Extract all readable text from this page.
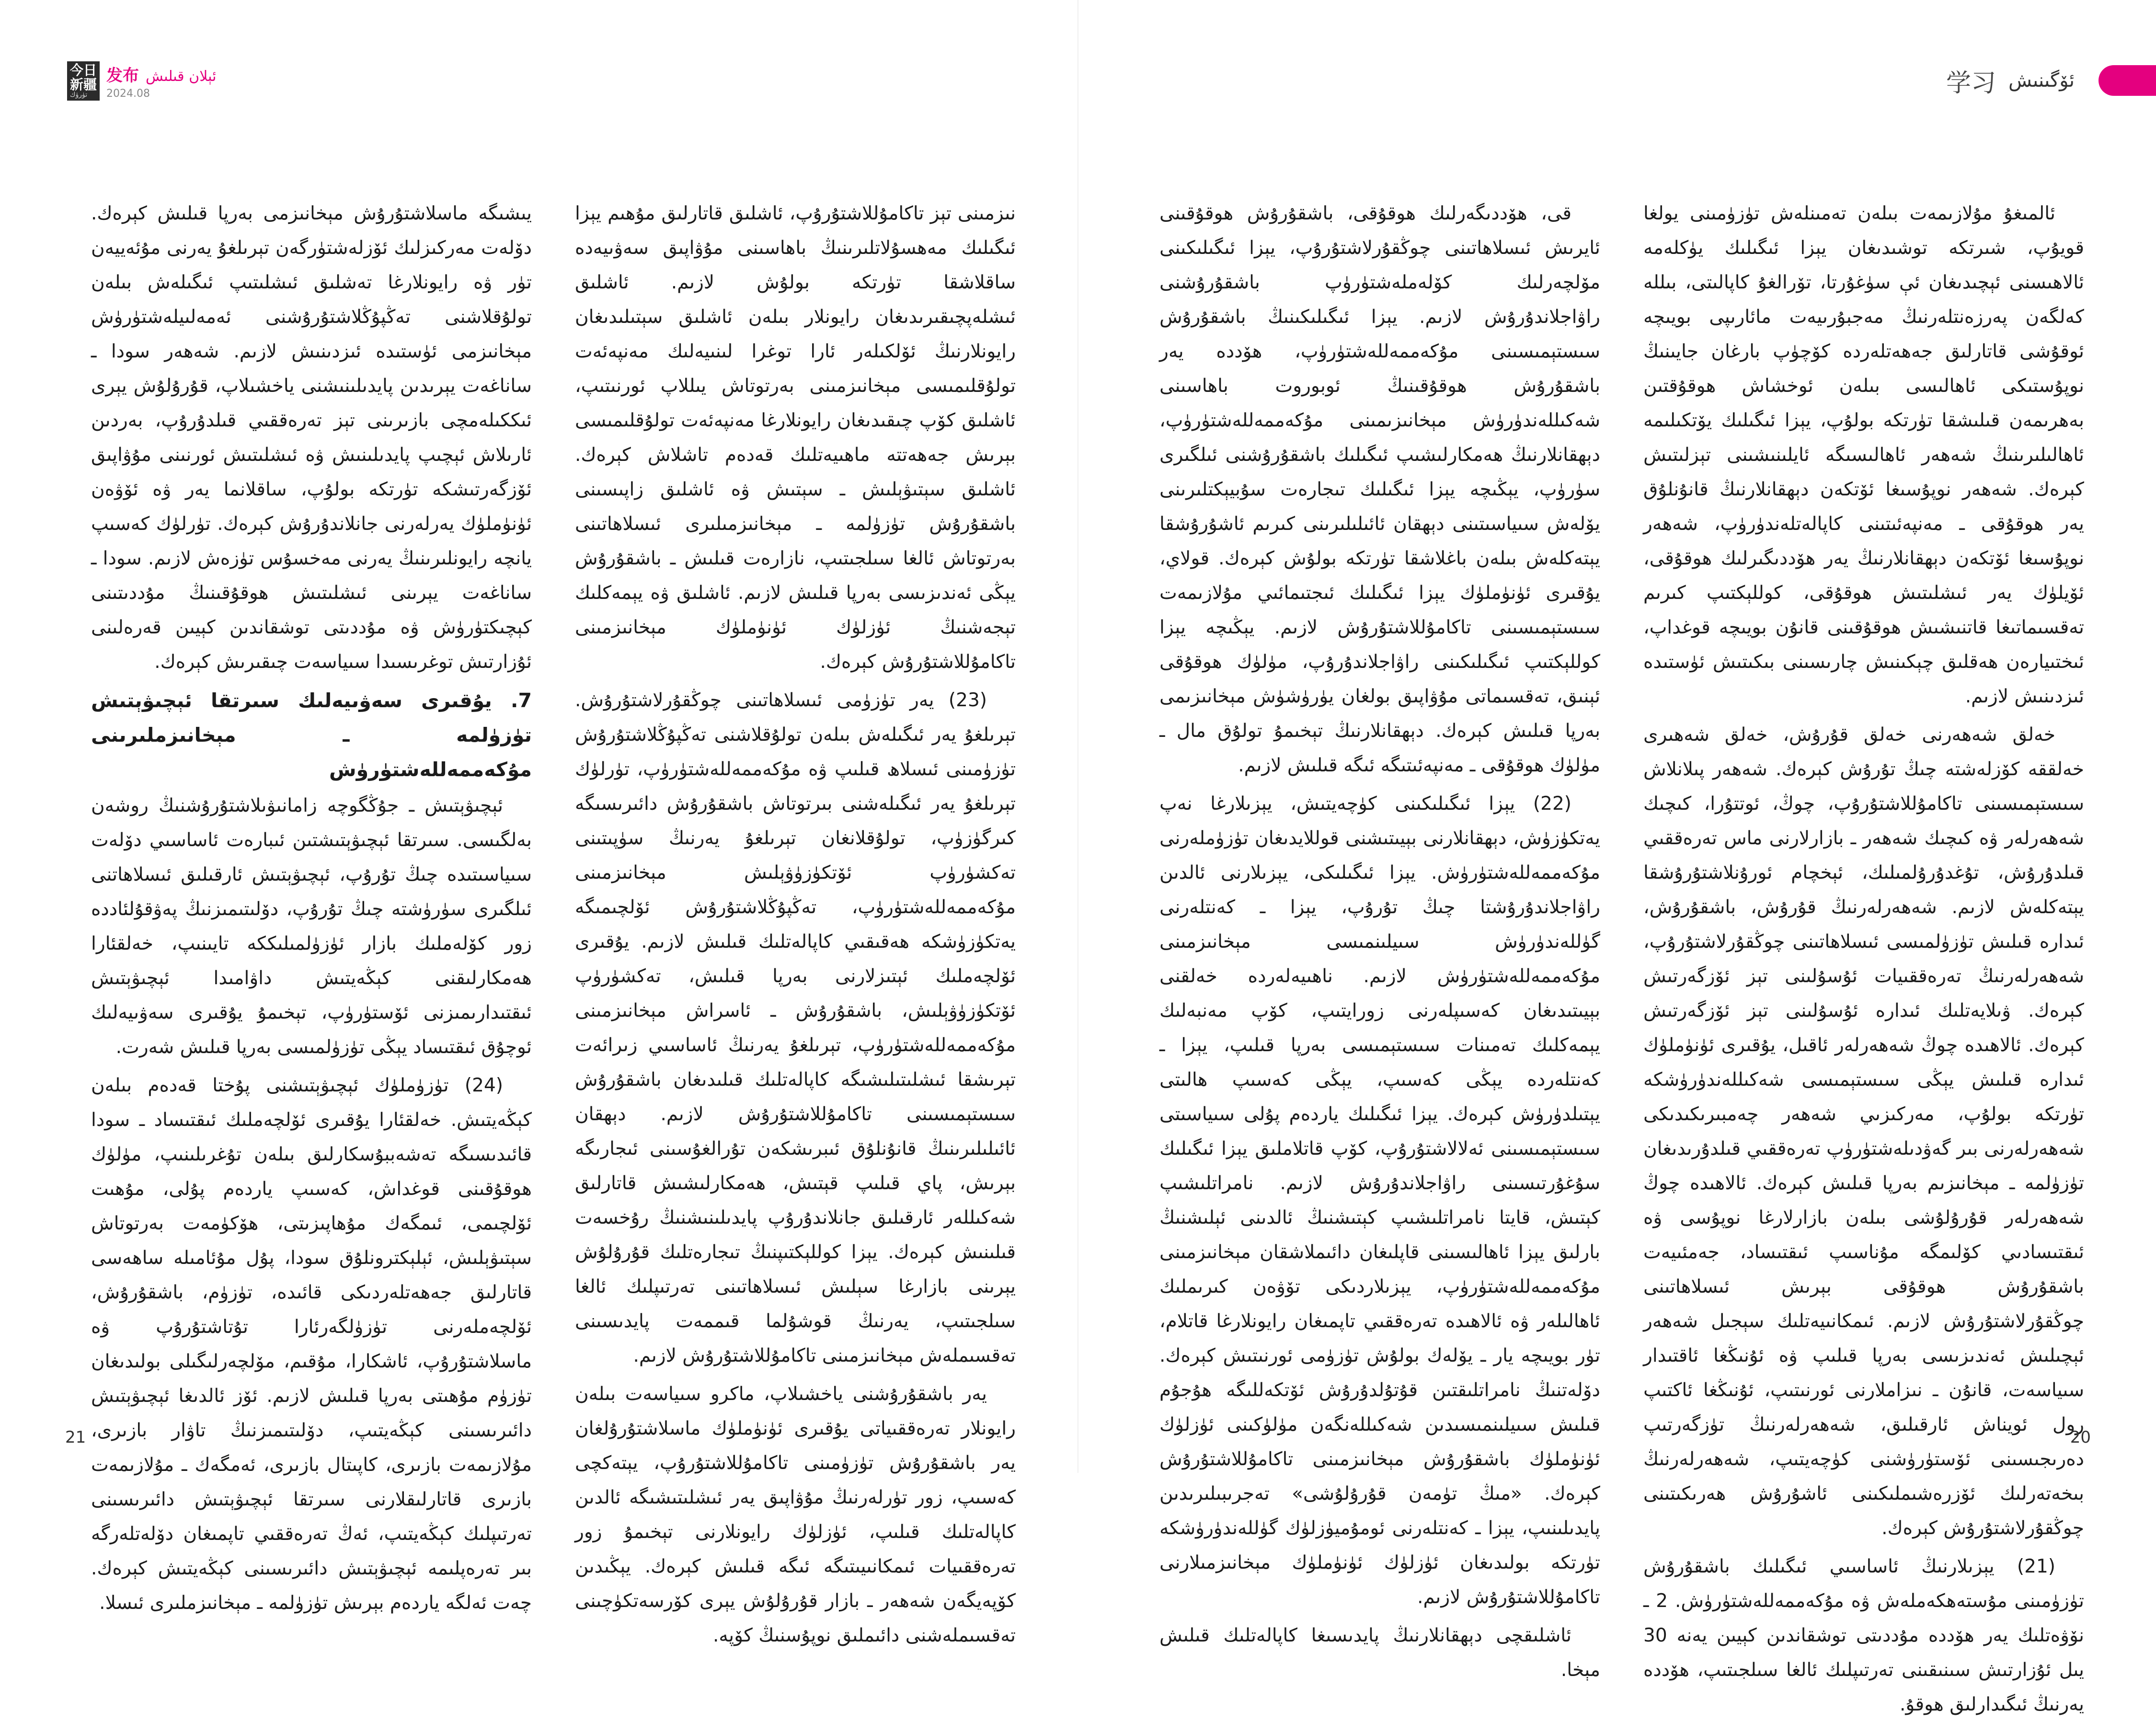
今日
新疆
تۈرۈك
发布 ئېلان قىلىش
2024.08	学习 ئۆگىنىش

يىشىگە ماسلاشتۇرۇش مېخانىزمى بەرپا قىلىش كېرەك. دۆلەت مەركىزلىك ئۆزلەشتۈرگەن تېرىلغۇ يەرنى مۇئەييەن تۈر ۋە رايونلارغا تەشلىق ئىشلىتىپ ئىگىلەش بىلەن تولۇقلاشنى تەڭپۇڭلاشتۇرۇشنى ئەمەلىيلەشتۈرۈش مېخانىزمى ئۈستىدە ئىزدىنىش لازىم. شەھەر سودا ـ ساناغەت يېرىدىن پايدىلىنىشنى ياخشىلاپ، قۇرۇلۇش يېرى ئىككىلەمچى بازىرىنى تېز تەرەققىي قىلدۇرۇپ، بەردىن ئارىلاش ئېچىپ پايدىلىنىش ۋە ئىشلىتىش ئورنىنى مۇۋاپىق ئۆزگەرتىشكە تۈرتكە بولۇپ، ساقلانما يەر ۋە ئۆۋەن ئۈنۈملۈك يەرلەرنى جانلاندۇرۇش كېرەك. تۈرلۈك كەسىپ يانچە رايونلىرىنىڭ يەرنى مەخسۇس تۈزەش لازىم. سودا ـ ساناغەت يېرىنى ئىشلىتىش ھوقۇقىنىڭ مۇددىتىنى كېچىكتۈرۈش ۋە مۇددىتى توشقاندىن كېيىن قەرەلىنى ئۇزارتىش توغرىسىدا سىياسەت چىقىرىش كېرەك.

7. يۇقىرى سەۋىيەلىك سىرتقا ئېچىۋېتىش تۈزۈلمە ـ مېخانىزملىرىنى مۇكەممەللەشتۈرۈش

ئېچىۋېتىش ـ جۇڭگوچە زامانىۋىلاشتۇرۇشنىڭ روشەن بەلگىسى. سىرتقا ئېچىۋېتىشتىن ئىبارەت ئاساسىي دۆلەت سىياسىتىدە چىڭ تۇرۇپ، ئېچىۋېتىش ئارقىلىق ئىسلاھاتنى ئىلگىرى سۈرۈشتە چىڭ تۇرۇپ، دۆلىتىمىزنىڭ پەۋقۇلئاددە زور كۆلەملىك بازار ئۈزۈلمىلىككە تايىنىپ، خەلقئارا ھەمكارلىقنى كېڭەيتىش داۋامىدا ئېچىۋېتىش ئىقتىدارىمىزنى ئۆستۈرۈپ، تېخىمۇ يۇقىرى سەۋىيەلىك ئوچۇق ئىقتىساد يېڭى تۈزۈلمىسى بەرپا قىلىش شەرت.

(24) تۈزۈملۈك ئېچىۋېتىشنى پۇختا قەدەم بىلەن كېڭەيتىش. خەلقئارا يۇقىرى ئۆلچەملىك ئىقتىساد ـ سودا قائىدىسىگە تەشەببۇسكارلىق بىلەن تۇغرىلىنىپ، مۈلۈك ھوقۇقىنى قوغداش، كەسىپ ياردەم پۇلى، مۇھىت ئۆلچىمى، ئىمگەك مۇھاپىزىتى، ھۆكۈمەت بەرتوتاش سېتىۋېلىش، ئېلېكترونلۇق سودا، پۇل مۇئامىلە ساھەسى قاتارلىق جەھەتلەردىكى قائىدە، تۈزۈم، باشقۇرۇش، ئۆلچەملەرنى تۈزۈلگەرئارا تۇتاشتۇرۇپ ۋە ماسلاشتۇرۇپ، ئاشكارا، مۇقىم، مۆلچەرلىگىلى بولىدىغان تۈزۈم مۇھىتى بەرپا قىلىش لازىم. ئۆز ئالدىغا ئېچىۋېتىش دائىرىسىنى كېڭەيتىپ، دۆلىتىمىزنىڭ تاۋار بازىرى، مۇلازىمەت بازىرى، كاپىتال بازىرى، ئەمگەك ـ مۇلازىمەت بازىرى قاتارلىقلارنى سىرتقا ئېچىۋېتىش دائىرىسىنى تەرتىپلىك كېڭەيتىپ، ئەڭ تەرەققىي تاپمىغان دۆلەتلەرگە بىر تەرەپلىمە ئېچىۋېتىش دائىرىسىنى كېڭەيتىش كېرەك. چەت ئەلگە ياردەم بېرىش تۈزۈلمە ـ مېخانىزملىرى ئىسلا.

نىزمىنى تېز تاكامۇللاشتۇرۇپ، ئاشلىق قاتارلىق مۇھىم يېزا ئىگىلىك مەھسۇلاتلىرىنىڭ باھاسىنى مۇۋاپىق سەۋىيەدە ساقلاشقا تۈرتكە بولۇش لازىم. ئاشلىق ئىشلەپچىقىرىدىغان رايونلار بىلەن ئاشلىق سېتىلىدىغان رايونلارنىڭ ئۆلكىلەر ئارا توغرا لىنىيەلىك مەنپەئەت تولۇقلىمىسى مېخانىزمىنى بەرتوتاش يىللاپ ئورنىتىپ، ئاشلىق كۆپ چىقىدىغان رايونلارغا مەنپەئەت تولۇقلىمىسى بېرىش جەھەتتە ماھىيەتلىك قەدەم تاشلاش كېرەك. ئاشلىق سېتىۋېلىش ـ سېتىش ۋە ئاشلىق زاپىسىنى باشقۇرۇش تۈزۈلمە ـ مېخانىزمىلىرى ئىسلاھاتىنى بەرتوتاش ئالغا سىلجىتىپ، نازارەت قىلىش ـ باشقۇرۇش يېڭى ئەندىزىسى بەرپا قىلىش لازىم. ئاشلىق ۋە يېمەكلىك تېجەشنىڭ ئۈزلۈك ئۈنۈملۈك مېخانىزمىنى تاكامۇللاشتۇرۇش كېرەك.

(23) يەر تۈزۈمى ئىسلاھاتىنى چوڭقۇرلاشتۇرۇش. تېرىلغۇ يەر ئىگىلەش بىلەن تولۇقلاشنى تەڭپۇڭلاشتۇرۇش تۈزۈمىنى ئىسلاھ قىلىپ ۋە مۇكەممەللەشتۈرۈپ، تۈرلۈك تېرىلغۇ يەر ئىگىلەشنى بىرتوتاش باشقۇرۇش دائىرىسىگە كىرگۈزۈپ، تولۇقلانغان تېرىلغۇ يەرنىڭ سۈپىتىنى تەكشۈرۈپ ئۆتكۈزۈۋېلىش مېخانىزمىنى مۇكەممەللەشتۈرۈپ، تەڭپۇڭلاشتۇرۇش ئۆلچىمىگە يەتكۈزۈشكە ھەقىقىي كاپالەتلىك قىلىش لازىم. يۇقىرى ئۆلچەملىك ئېتىزلارنى بەرپا قىلىش، تەكشۈرۈپ ئۆتكۈزۈۋېلىش، باشقۇرۇش ـ ئاسراش مېخانىزمىنى مۇكەممەللەشتۈرۈپ، تېرىلغۇ يەرنىڭ ئاساسىي زىرائەت تېرىشقا ئىشلىتىلىشىگە كاپالەتلىك قىلىدىغان باشقۇرۇش سىستېمىسىنى تاكامۇللاشتۇرۇش لازىم. دېھقان ئائىلىلىرىنىڭ قانۇنلۇق ئىبرىشكەن تۇرالغۇسىنى ئىجارىگە بېرىش، پاي قىلىپ قېتىش، ھەمكارلىشىش قاتارلىق شەكىللەر ئارقىلىق جانلاندۇرۇپ پايدىلىنىشنىڭ رۇخسەت قىلىنىش كېرەك. يېزا كوللېكتىپنىڭ تىجارەتلىك قۇرۇلۇش يېرىنى بازارغا سېلىش ئىسلاھاتىنى تەرتىپلىك ئالغا سىلجىتىپ، يەرنىڭ قوشۇلما قىممەت پايدىسىنى تەقسىملەش مېخانىزمىنى تاكامۇللاشتۇرۇش لازىم.

يەر باشقۇرۇشنى ياخشىلاپ، ماكرو سىياسەت بىلەن رايونلار تەرەققىياتى يۇقىرى ئۈنۈملۈك ماسلاشتۇرۇلغان يەر باشقۇرۇش تۈزۈمىنى تاكامۇللاشتۇرۇپ، يېتەكچى كەسىپ، زور تۈرلەرنىڭ مۇۋاپىق يەر ئىشلىتىشىگە ئالدىن كاپالەتلىك قىلىپ، ئۈزلۈك رايونلارنى تېخىمۇ زور تەرەققىيات ئىمكانىيىتىگە ئىگە قىلىش كېرەك. يېڭىدىن كۆپەيگەن شەھەر ـ بازار قۇرۇلۇش يېرى كۆرسەتكۈچىنى تەقسىملەشنى دائىملىق نوپۇسنىڭ كۆپە.

قى، ھۆددىگەرلىك ھوقۇقى، باشقۇرۇش ھوقۇقىنى ئايرىش ئىسلاھاتىنى چوڭقۇرلاشتۇرۇپ، يېزا ئىگىلىكىنى مۆلچەرلىك كۆلەملەشتۈرۈپ باشقۇرۇشنى راۋاجلاندۇرۇش لازىم. يېزا ئىگىلىكىنىڭ باشقۇرۇش سىستېمىسىنى مۇكەممەللەشتۈرۈپ، ھۆددە يەر باشقۇرۇش ھوقۇقىنىڭ ئوبوروت باھاسىنى شەكىللەندۈرۈش مېخانىزىمىنى مۇكەممەللەشتۈرۈپ، دېھقانلارنىڭ ھەمكارلىشىپ ئىگىلىك باشقۇرۇشنى ئىلگىرى سۈرۈپ، يېڭىچە يېزا ئىگىلىك تىجارەت سۇبيېكتلىرىنى يۆلەش سىياسىتىنى دېھقان ئائىلىلىرىنى كىرىم ئاشۇرۇشقا يېتەكلەش بىلەن باغلاشقا تۈرتكە بولۇش كېرەك. قولاي، يۇقىرى ئۈنۈملۈك يېزا ئىگىلىك ئىجتىمائىي مۇلازىمەت سىستېمىسىنى تاكامۇللاشتۇرۇش لازىم. يېڭىچە يېزا كوللېكتىپ ئىگىلىكىنى راۋاجلاندۇرۇپ، مۈلۈك ھوقۇقى ئېنىق، تەقسىماتى مۇۋاپىق بولغان يۈرۈشۈش مېخانىزىمى بەرپا قىلىش كېرەك. دېھقانلارنىڭ تېخىمۇ تولۇق مال ـ مۈلۈك ھوقۇقى ـ مەنپەئىتىگە ئىگە قىلىش لازىم.

(22) يېزا ئىگىلىكىنى كۈچەيتىش، يېزىلارغا نەپ يەتكۈزۈش، دېھقانلارنى بېيىتىشنى قوللايدىغان تۈزۈملەرنى مۇكەممەللەشتۈرۈش. يېزا ئىگىلىكى، يېزىلارنى ئالدىن راۋاجلاندۇرۇشتا چىڭ تۇرۇپ، يېزا ـ كەنتلەرنى گۈللەندۈرۈش سىيلىنمىسى مېخانىزمىنى مۇكەممەللەشتۈرۈش لازىم. ناھىيەلەردە خەلقنى بېيىتىدىغان كەسىپلەرنى زورايتىپ، كۆپ مەنبەلىك يېمەكلىك تەمىنات سىستېمىسى بەرپا قىلىپ، يېزا ـ كەنتلەردە يېڭى كەسىپ، يېڭى كەسىپ ھالىتى يېتىلدۈرۈش كېرەك. يېزا ئىگىلىك ياردەم پۇلى سىياسىتى سىستېمىسىنى ئەلالاشتۇرۇپ، كۆپ قاتلاملىق يېزا ئىگىلىك سۇغۇرتىسىنى راۋاجلاندۇرۇش لازىم. نامراتلىشىپ كېتىش، قايتا نامراتلىشىپ كېتىشنىڭ ئالدىنى ئېلىشنىڭ بارلىق يېزا ئاھالىسىنى قاپلىغان دائىملاشقان مېخانىزمىنى مۇكەممەللەشتۈرۈپ، يېزىلاردىكى تۆۋەن كىرىملىك ئاھالىلەر ۋە ئالاھىدە تەرەققىي تاپمىغان رايونلارغا قاتلام، تۈر بويىچە يار ـ يۆلەك بولۇش تۈزۈمى ئورنىتىش كېرەك. دۆلەتنىڭ نامراتلىقتىن قۇتۇلدۇرۇش ئۆتكەللىگە ھۇجۇم قىلىش سىيلىنمىسىدىن شەكىللەنگەن مۈلۈكىنى ئۈزلۈك ئۈنۈملۈك باشقۇرۇش مېخانىزمىنى تاكامۇللاشتۇرۇش كېرەك. «مىڭ تۈمەن قۇرۇلۇشى» تەجرىبىلىرىدىن پايدىلىنىپ، يېزا ـ كەنتلەرنى ئومۇميۈزلۈك گۈللەندۈرۈشكە تۈرتكە بولىدىغان ئۈزلۈك ئۈنۈملۈك مېخانىزمىلارنى تاكامۇللاشتۇرۇش لازىم.

ئاشلىقچى دېھقانلارنىڭ پايدىسىغا كاپالەتلىك قىلىش مېخا.

ئالمىغۇ مۇلازىمەت بىلەن تەمىنلەش تۈزۈمىنى يولغا قويۇپ، شىرتكە توشىدىغان يېزا ئىگىلىك يۈكلەمە ئالاھىسنى ئېچىدىغان ئې سۈغۇرتا، تۆرالغۇ كاپالىتى، بىللە كەلگەن پەرزەنتلەرنىڭ مەجبۇرىيەت مائارىپى بويىچە ئوقۇشى قاتارلىق جەھەتلەردە كۆچۈپ بارغان جايىنىڭ نوپۇستىكى ئاھالىسى بىلەن ئوخشاش ھوقۇقتىن بەھرىمەن قىلىشقا تۈرتكە بولۇپ، يېزا ئىگىلىك يۆتكىلىمە ئاھالىلىرىنىڭ شەھەر ئاھالىسىگە ئايلىنىشىنى تېزلىتىش كېرەك. شەھەر نوپۇسىغا ئۆتكەن دېھقانلارنىڭ قانۇنلۇق يەر ھوقۇقى ـ مەنپەئىتىنى كاپالەتلەندۈرۈپ، شەھەر نوپۇسىغا ئۆتكەن دېھقانلارنىڭ يەر ھۆددىگىرلىك ھوقۇقى، ئۆيلۈك يەر ئىشلىتىش ھوقۇقى، كوللېكتىپ كىرىم تەقسىماتىغا قاتنىشىش ھوقۇقىنى قانۇن بويىچە قوغداپ، ئىختىيارەن ھەقلىق چېكىنىش چارىسىنى بىكىتىش ئۈستىدە ئىزدىنىش لازىم.

خەلق شەھەرنى خەلق قۇرۇش، خەلق شەھىرى خەلققە كۆزلەشتە چىڭ تۇرۇش كېرەك. شەھەر پىلانلاش سىستېمىسىنى تاكامۇللاشتۇرۇپ، چوڭ، ئوتتۇرا، كىچىك شەھەرلەر ۋە كىچىك شەھەر ـ بازارلارنى ماس تەرەققىي قىلدۇرۇش، تۇغدۇرۇلمىلىك، ئېخچام ئورۇنلاشتۇرۇشقا يېتەكلەش لازىم. شەھەرلەرنىڭ قۇرۇش، باشقۇرۇش، ئىدارە قىلىش تۈزۈلمىسى ئىسلاھاتىنى چوڭقۇرلاشتۇرۇپ، شەھەرلەرنىڭ تەرەققىيات ئۇسۇلىنى تېز ئۆزگەرتىش كېرەك. ۋىلايەتلىك ئىدارە ئۇسۇلىنى تېز ئۆزگەرتىش كېرەك. ئالاھىدە چوڭ شەھەرلەر ئاقىل، يۇقىرى ئۈنۈملۈك ئىدارە قىلىش يېڭى سىستېمىسى شەكىللەندۈرۈشكە تۈرتكە بولۇپ، مەركىزىي شەھەر چەمبىرىكىدىكى شەھەرلەرنى بىر گەۋدىلەشتۈرۈپ تەرەققىي قىلدۇرىدىغان تۈزۈلمە ـ مېخانىزىم بەرپا قىلىش كېرەك. ئالاھىدە چوڭ شەھەرلەر قۇرۇلۇشى بىلەن بازارلارغا نوپۇسى ۋە ئىقتىسادىي كۆلىمگە مۇناسىپ ئىقتىساد، جەمئىيەت باشقۇرۇش ھوقۇقى بېرىش ئىسلاھاتىنى چوڭقۇرلاشتۇرۇش لازىم. ئىمكانىيەتلىك سېجىل شەھەر ئېچىلىش ئەندىزىسى بەرپا قىلىپ ۋە ئۇنىڭغا ئاقتىدار سىياسەت، قانۇن ـ نىزاملارنى ئورنىتىپ، ئۇنىڭغا ئاكتىپ رول ئويناش ئارقىلىق، شەھەرلەرنىڭ تۈزگەرتىپ دەرىجىسىنى ئۆستۈرۈشنى كۈچەيتىپ، شەھەرلەرنىڭ بىخەتەرلىك ئۆزرەشىملىكىنى ئاشۇرۇش ھەرىكىتىنى چوڭقۇرلاشتۇرۇش كېرەك.

(21) يېزىلارنىڭ ئاساسىي ئىگىلىك باشقۇرۇش تۈزۈمىنى مۇستەھكەملەش ۋە مۇكەممەللەشتۈرۈش. 2 ـ نۆۋەتلىك يەر ھۆددە مۇددىتى توشقاندىن كېيىن يەنە 30 يىل ئۇزارتىش سىنىقىنى تەرتىپلىك ئالغا سىلجىتىپ، ھۆددە يەرنىڭ ئىگىدارلىق ھوقۇ.

21	20
